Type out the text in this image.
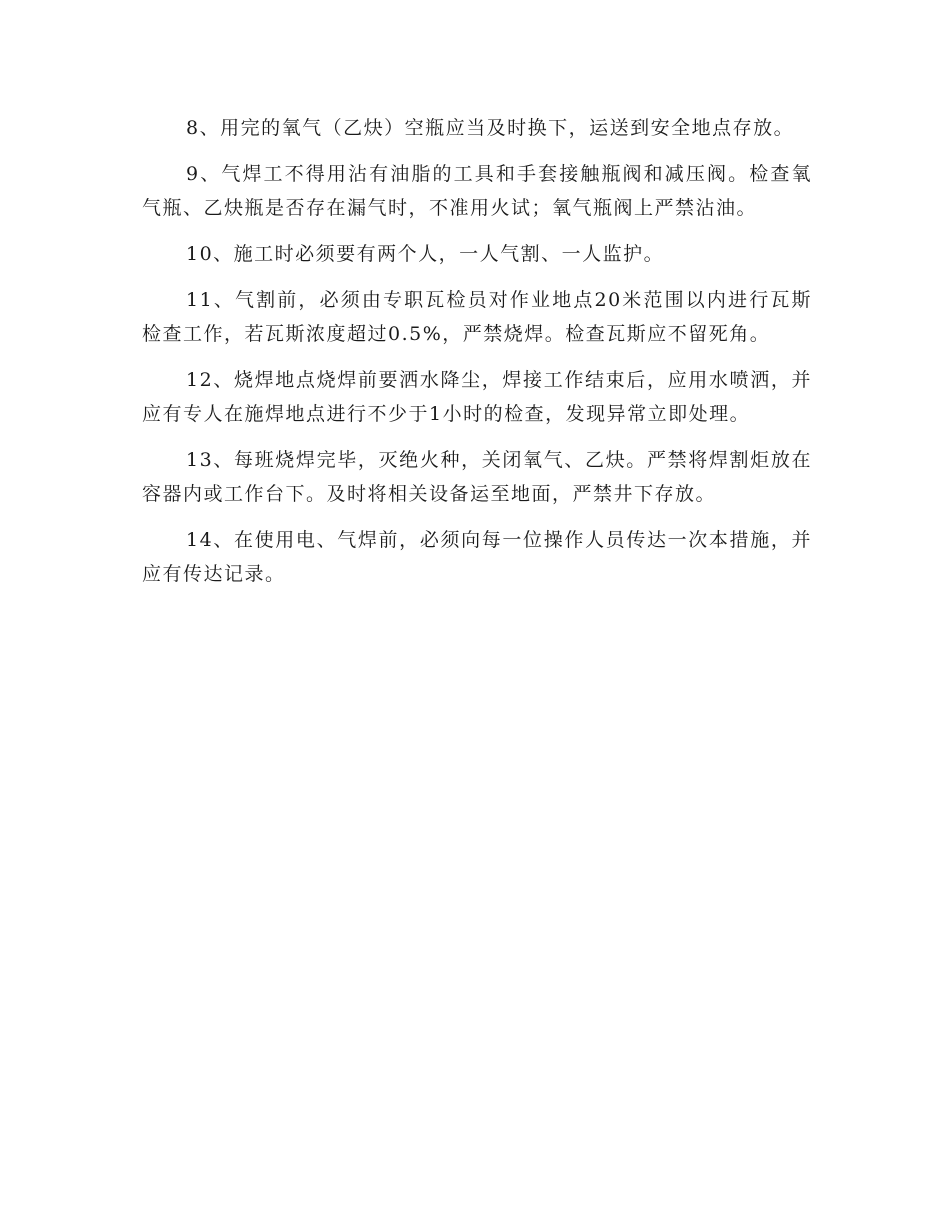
8、用完的氧气（乙炔）空瓶应当及时换下，运送到安全地点存放。

9、气焊工不得用沾有油脂的工具和手套接触瓶阀和减压阀。检查氧气瓶、乙炔瓶是否存在漏气时，不准用火试；氧气瓶阀上严禁沾油。

10、施工时必须要有两个人，一人气割、一人监护。

11、气割前，必须由专职瓦检员对作业地点20米范围以内进行瓦斯检查工作，若瓦斯浓度超过0.5%，严禁烧焊。检查瓦斯应不留死角。

12、烧焊地点烧焊前要洒水降尘，焊接工作结束后，应用水喷洒，并应有专人在施焊地点进行不少于1小时的检查，发现异常立即处理。

13、每班烧焊完毕，灭绝火种，关闭氧气、乙炔。严禁将焊割炬放在容器内或工作台下。及时将相关设备运至地面，严禁井下存放。

14、在使用电、气焊前，必须向每一位操作人员传达一次本措施，并应有传达记录。
